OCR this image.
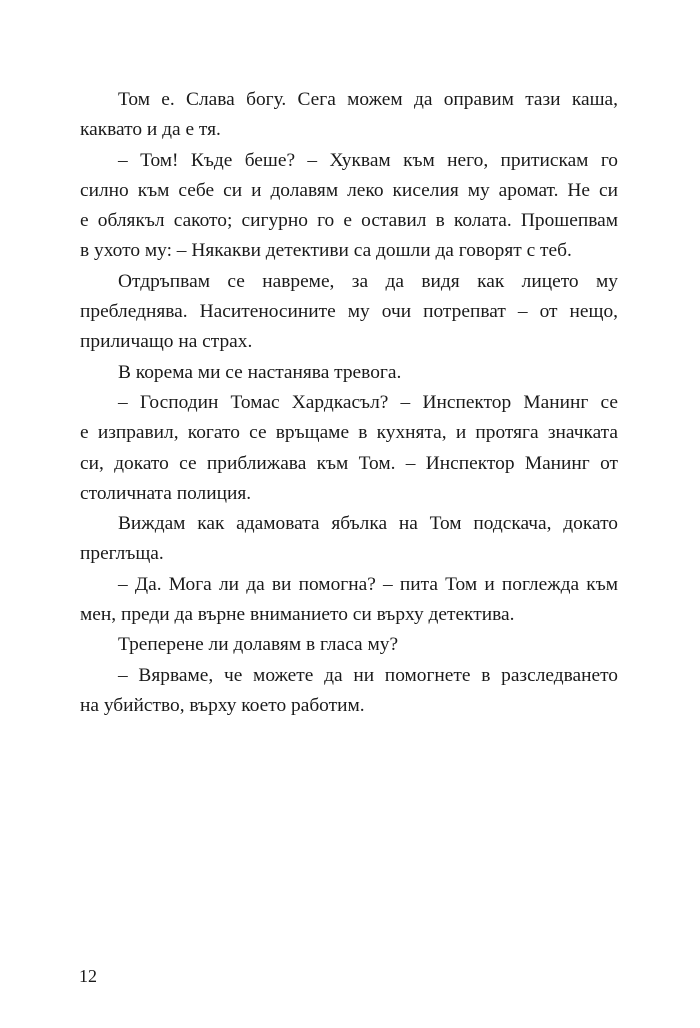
Том е. Слава богу. Сега можем да оправим тази каша,
каквато и да е тя.
– Том! Къде беше? – Хуквам към него, притискам го
силно към себе си и долавям леко киселия му аромат. Не си
е облякъл сакото; сигурно го е оставил в колата. Прошепвам
в ухото му: – Някакви детективи са дошли да говорят с теб.
Отдръпвам се навреме, за да видя как лицето му
пребледнява. Наситеносините му очи потрепват – от нещо,
приличащо на страх.
В корема ми се настанява тревога.
– Господин Томас Хардкасъл? – Инспектор Манинг се
е изправил, когато се връщаме в кухнята, и протяга значката
си, докато се приближава към Том. – Инспектор Манинг от
столичната полиция.
Виждам как адамовата ябълка на Том подскача, докато
преглъща.
– Да. Мога ли да ви помогна? – пита Том и поглежда към
мен, преди да върне вниманието си върху детектива.
Треперене ли долавям в гласа му?
– Вярваме, че можете да ни помогнете в разследването
на убийство, върху което работим.
12
